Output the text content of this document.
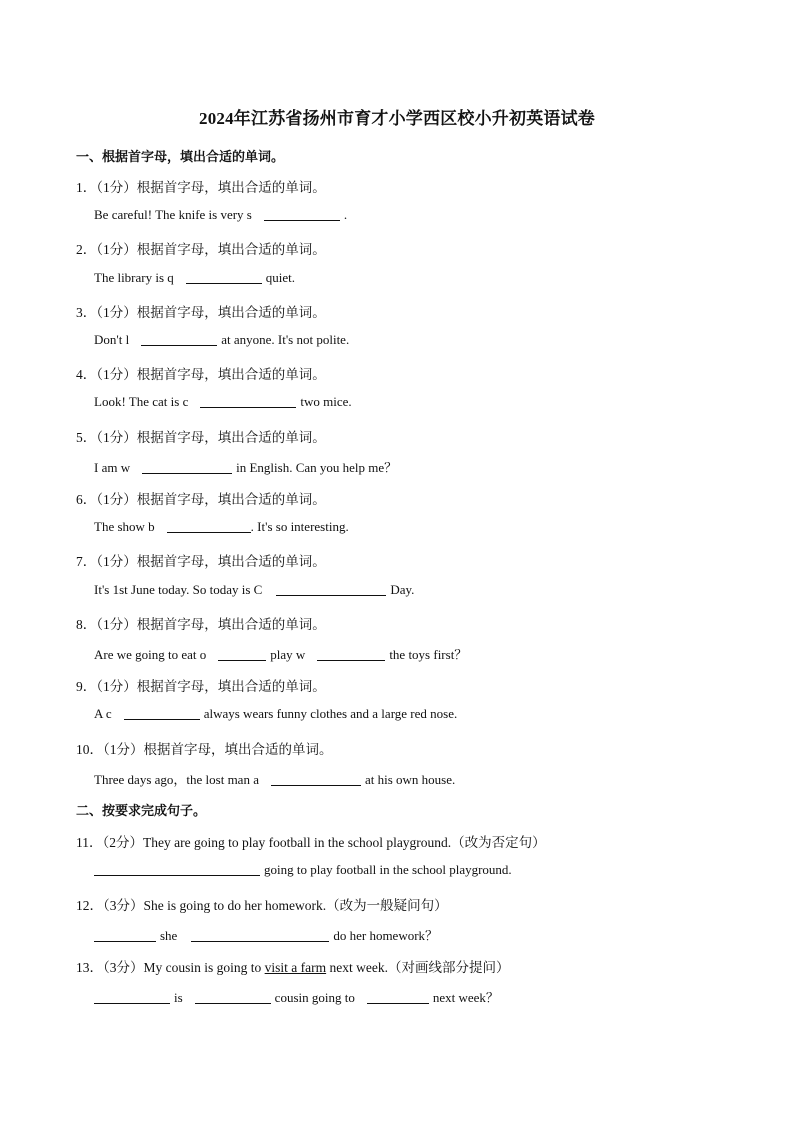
2024年江苏省扬州市育才小学西区校小升初英语试卷
一、根据首字母，填出合适的单词。
1．（1分）根据首字母，填出合适的单词。
Be careful! The knife is very s	.
2．（1分）根据首字母，填出合适的单词。
The library is q	quiet.
3．（1分）根据首字母，填出合适的单词。
Don't l	at anyone. It's not polite.
4．（1分）根据首字母，填出合适的单词。
Look! The cat is c	two mice.
5．（1分）根据首字母，填出合适的单词。
I am w	in English. Can you help me？
6．（1分）根据首字母，填出合适的单词。
The show b	. It's so interesting.
7．（1分）根据首字母，填出合适的单词。
It's 1st June today. So today is C	Day.
8．（1分）根据首字母，填出合适的单词。
Are we going to eat o	play w	the toys first？
9．（1分）根据首字母，填出合适的单词。
A c	always wears funny clothes and a large red nose.
10．（1分）根据首字母，填出合适的单词。
Three days ago，the lost man a	at his own house.
二、按要求完成句子。
11．（2分）They are going to play football in the school playground.（改为否定句）
going to play football in the school playground.
12．（3分）She is going to do her homework.（改为一般疑问句）
she	do her homework？
13．（3分）My cousin is going to visit a farm next week.（对画线部分提问）
is	cousin going to	next week？
